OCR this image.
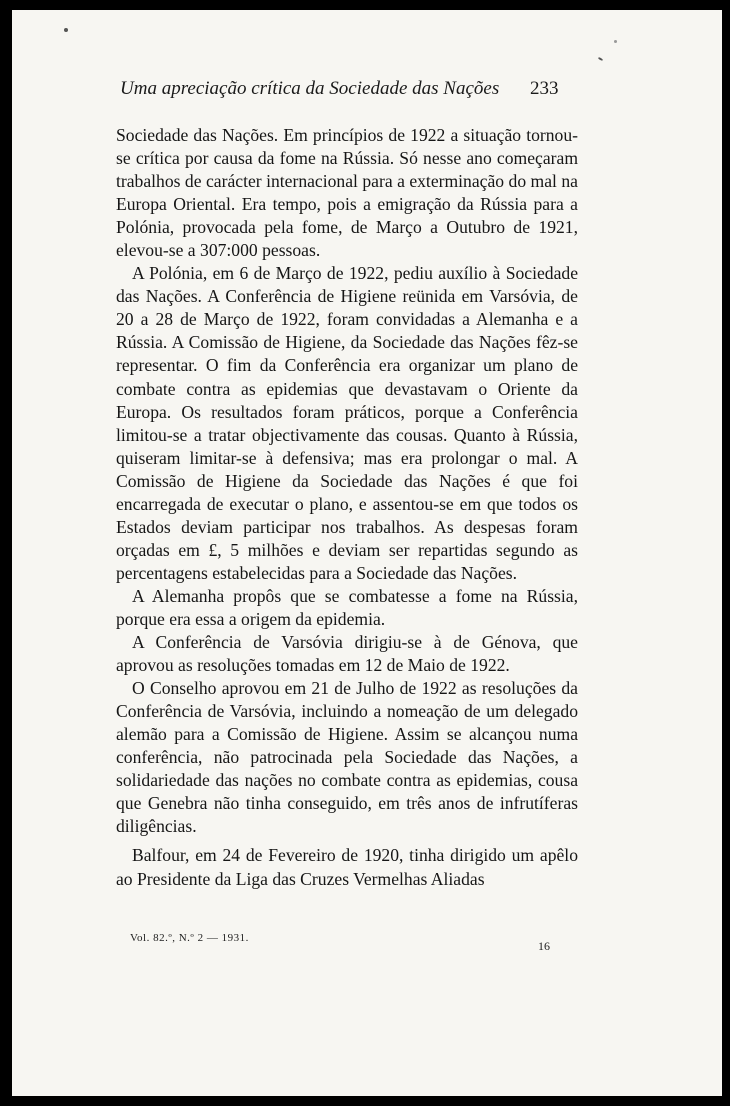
Uma apreciação crítica da Sociedade das Nações	233

Sociedade das Nações. Em princípios de 1922 a situação tornou-se crítica por causa da fome na Rússia. Só nesse ano começaram trabalhos de carácter internacional para a exterminação do mal na Europa Oriental. Era tempo, pois a emigração da Rússia para a Polónia, provocada pela fome, de Março a Outubro de 1921, elevou-se a 307:000 pessoas.

A Polónia, em 6 de Março de 1922, pediu auxílio à Sociedade das Nações. A Conferência de Higiene reünida em Varsóvia, de 20 a 28 de Março de 1922, foram convidadas a Alemanha e a Rússia. A Comissão de Higiene, da Sociedade das Nações fêz-se representar. O fim da Conferência era organizar um plano de combate contra as epidemias que devastavam o Oriente da Europa. Os resultados foram práticos, porque a Conferência limitou-se a tratar objectivamente das cousas. Quanto à Rússia, quiseram limitar-se à defensiva; mas era prolongar o mal. A Comissão de Higiene da Sociedade das Nações é que foi encarregada de executar o plano, e assentou-se em que todos os Estados deviam participar nos trabalhos. As despesas foram orçadas em £, 5 milhões e deviam ser repartidas segundo as percentagens estabelecidas para a Sociedade das Nações.

A Alemanha propôs que se combatesse a fome na Rússia, porque era essa a origem da epidemia.

A Conferência de Varsóvia dirigiu-se à de Génova, que aprovou as resoluções tomadas em 12 de Maio de 1922.

O Conselho aprovou em 21 de Julho de 1922 as resoluções da Conferência de Varsóvia, incluindo a nomeação de um delegado alemão para a Comissão de Higiene. Assim se alcançou numa conferência, não patrocinada pela Sociedade das Nações, a solidariedade das nações no combate contra as epidemias, cousa que Genebra não tinha conseguido, em três anos de infrutíferas diligências.

Balfour, em 24 de Fevereiro de 1920, tinha dirigido um apêlo ao Presidente da Liga das Cruzes Vermelhas Aliadas

Vol. 82.º, N.º 2 — 1931.
16
